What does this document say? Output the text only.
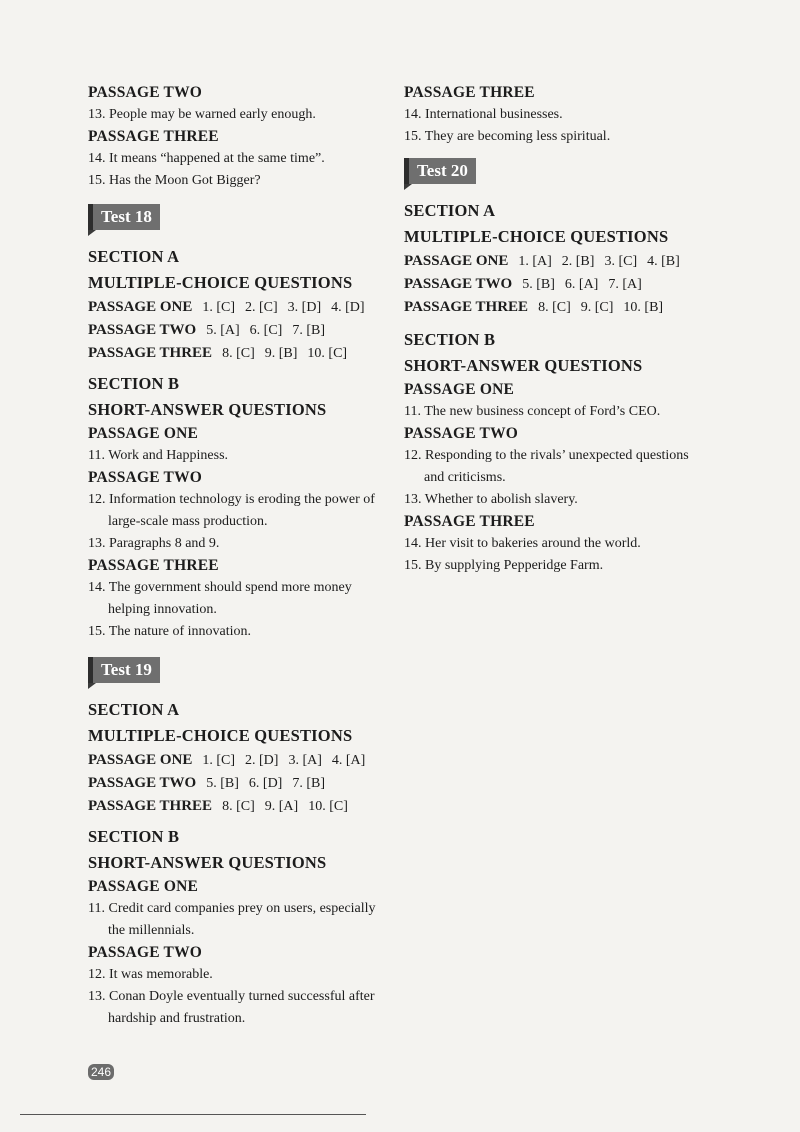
PASSAGE TWO
13. People may be warned early enough.
PASSAGE THREE
14. It means “happened at the same time”.
15. Has the Moon Got Bigger?
Test 18
SECTION A
MULTIPLE-CHOICE QUESTIONS
PASSAGE ONE 1. [C] 2. [C] 3. [D] 4. [D]
PASSAGE TWO 5. [A] 6. [C] 7. [B]
PASSAGE THREE 8. [C] 9. [B] 10. [C]
SECTION B
SHORT-ANSWER QUESTIONS
PASSAGE ONE
11. Work and Happiness.
PASSAGE TWO
12. Information technology is eroding the power of large-scale mass production.
13. Paragraphs 8 and 9.
PASSAGE THREE
14. The government should spend more money helping innovation.
15. The nature of innovation.
Test 19
SECTION A
MULTIPLE-CHOICE QUESTIONS
PASSAGE ONE 1. [C] 2. [D] 3. [A] 4. [A]
PASSAGE TWO 5. [B] 6. [D] 7. [B]
PASSAGE THREE 8. [C] 9. [A] 10. [C]
SECTION B
SHORT-ANSWER QUESTIONS
PASSAGE ONE
11. Credit card companies prey on users, especially the millennials.
PASSAGE TWO
12. It was memorable.
13. Conan Doyle eventually turned successful after hardship and frustration.
PASSAGE THREE
14. International businesses.
15. They are becoming less spiritual.
Test 20
SECTION A
MULTIPLE-CHOICE QUESTIONS
PASSAGE ONE 1. [A] 2. [B] 3. [C] 4. [B]
PASSAGE TWO 5. [B] 6. [A] 7. [A]
PASSAGE THREE 8. [C] 9. [C] 10. [B]
SECTION B
SHORT-ANSWER QUESTIONS
PASSAGE ONE
11. The new business concept of Ford’s CEO.
PASSAGE TWO
12. Responding to the rivals’ unexpected questions and criticisms.
13. Whether to abolish slavery.
PASSAGE THREE
14. Her visit to bakeries around the world.
15. By supplying Pepperidge Farm.
246
